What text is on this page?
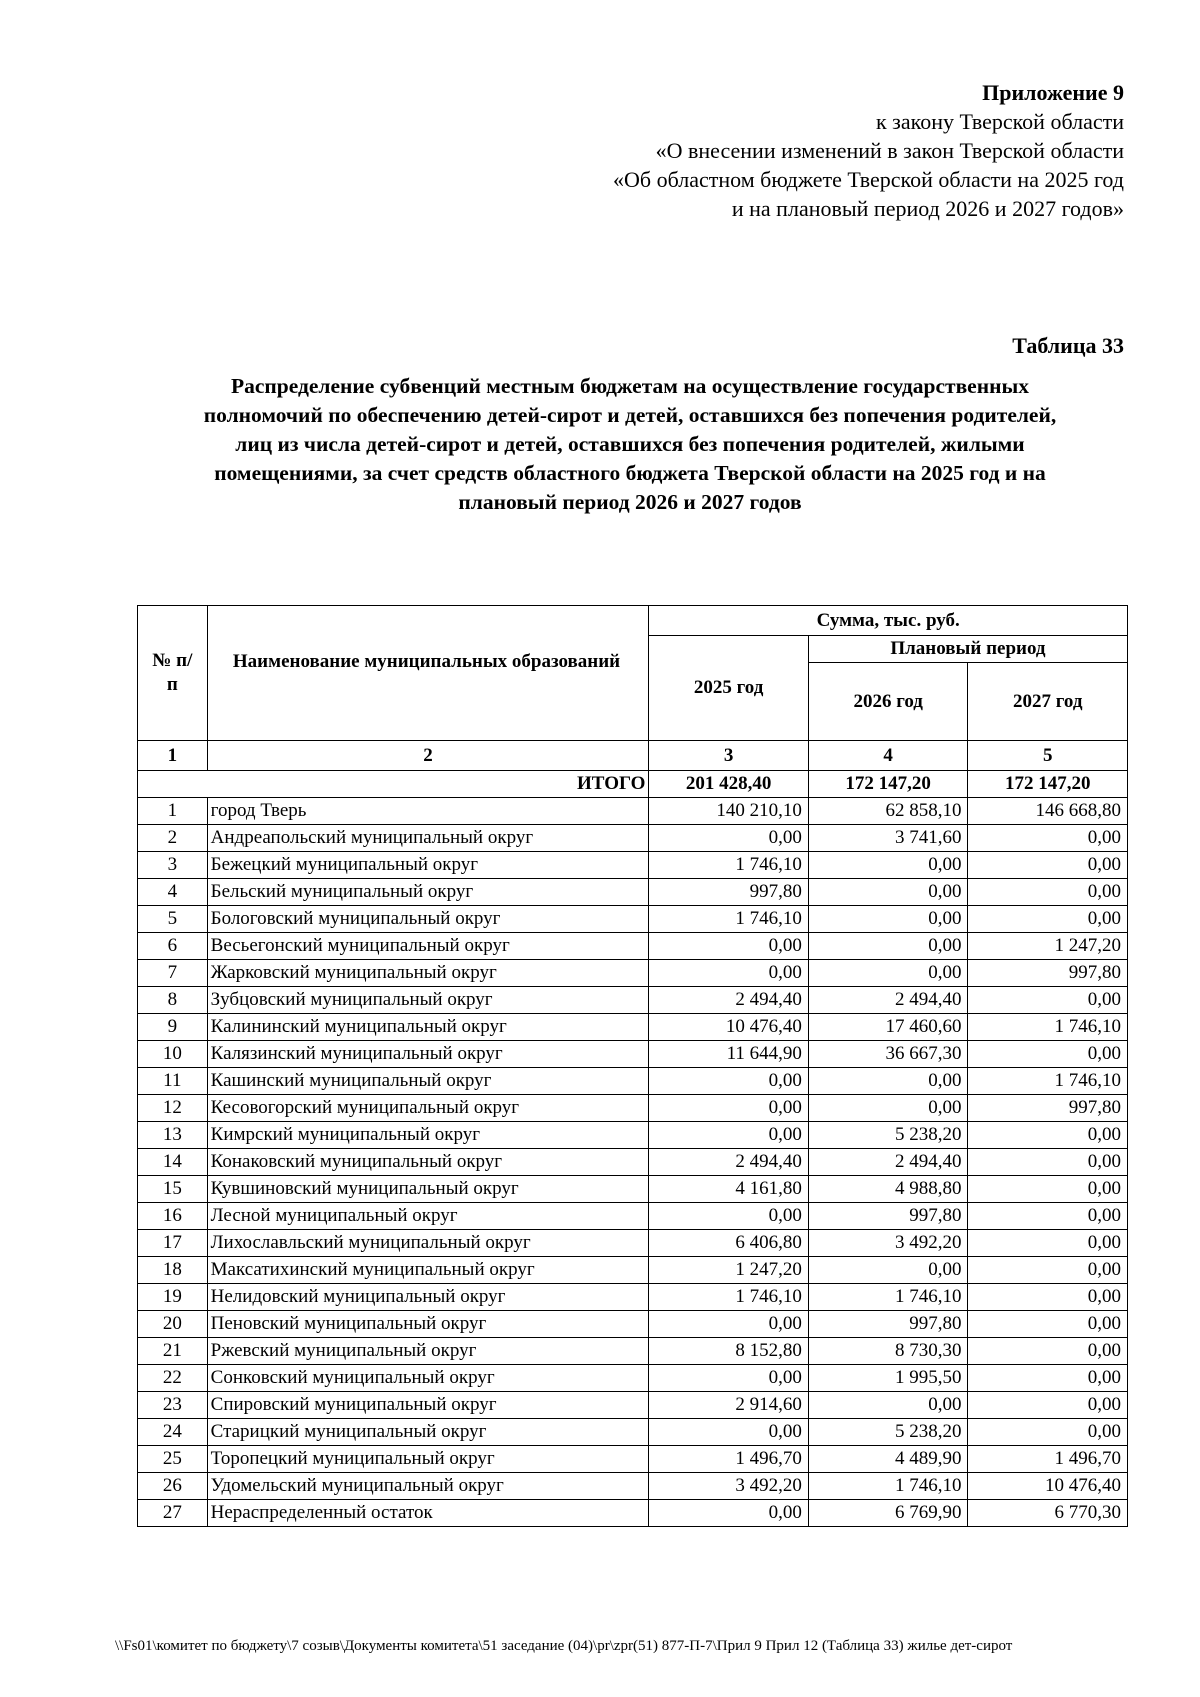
Приложение 9
к закону Тверской области
«О внесении изменений в закон Тверской области
«Об областном бюджете Тверской области на 2025 год
и на плановый период 2026 и 2027 годов»
Таблица 33
Распределение субвенций местным бюджетам на осуществление государственных
полномочий по обеспечению детей-сирот и детей, оставшихся без попечения родителей,
лиц из числа детей-сирот и детей, оставшихся без попечения родителей, жилыми
помещениями, за счет средств областного бюджета Тверской области на 2025 год и на
плановый период 2026 и 2027 годов
№ п/п	Наименование муниципальных образований	Сумма, тыс. руб.		
		2025 год	Плановый период	
			2026 год	2027 год
1	2	3	4	5
ИТОГО		201 428,40	172 147,20	172 147,20
1	город Тверь	140 210,10	62 858,10	146 668,80
2	Андреапольский муниципальный округ	0,00	3 741,60	0,00
3	Бежецкий муниципальный округ	1 746,10	0,00	0,00
4	Бельский муниципальный округ	997,80	0,00	0,00
5	Бологовский муниципальный округ	1 746,10	0,00	0,00
6	Весьегонский муниципальный округ	0,00	0,00	1 247,20
7	Жарковский муниципальный округ	0,00	0,00	997,80
8	Зубцовский муниципальный округ	2 494,40	2 494,40	0,00
9	Калининский муниципальный округ	10 476,40	17 460,60	1 746,10
10	Калязинский муниципальный округ	11 644,90	36 667,30	0,00
11	Кашинский муниципальный округ	0,00	0,00	1 746,10
12	Кесовогорский муниципальный округ	0,00	0,00	997,80
13	Кимрский муниципальный округ	0,00	5 238,20	0,00
14	Конаковский муниципальный округ	2 494,40	2 494,40	0,00
15	Кувшиновский муниципальный округ	4 161,80	4 988,80	0,00
16	Лесной муниципальный округ	0,00	997,80	0,00
17	Лихославльский муниципальный округ	6 406,80	3 492,20	0,00
18	Максатихинский муниципальный округ	1 247,20	0,00	0,00
19	Нелидовский муниципальный округ	1 746,10	1 746,10	0,00
20	Пеновский муниципальный округ	0,00	997,80	0,00
21	Ржевский муниципальный округ	8 152,80	8 730,30	0,00
22	Сонковский муниципальный округ	0,00	1 995,50	0,00
23	Спировский муниципальный округ	2 914,60	0,00	0,00
24	Старицкий муниципальный округ	0,00	5 238,20	0,00
25	Торопецкий муниципальный округ	1 496,70	4 489,90	1 496,70
26	Удомельский муниципальный округ	3 492,20	1 746,10	10 476,40
27	Нераспределенный остаток	0,00	6 769,90	6 770,30
\\Fs01\комитет по бюджету\7 созыв\Документы комитета\51 заседание (04)\pr\zpr(51) 877-П-7\Прил 9 Прил 12 (Таблица 33) жилье дет-сирот
